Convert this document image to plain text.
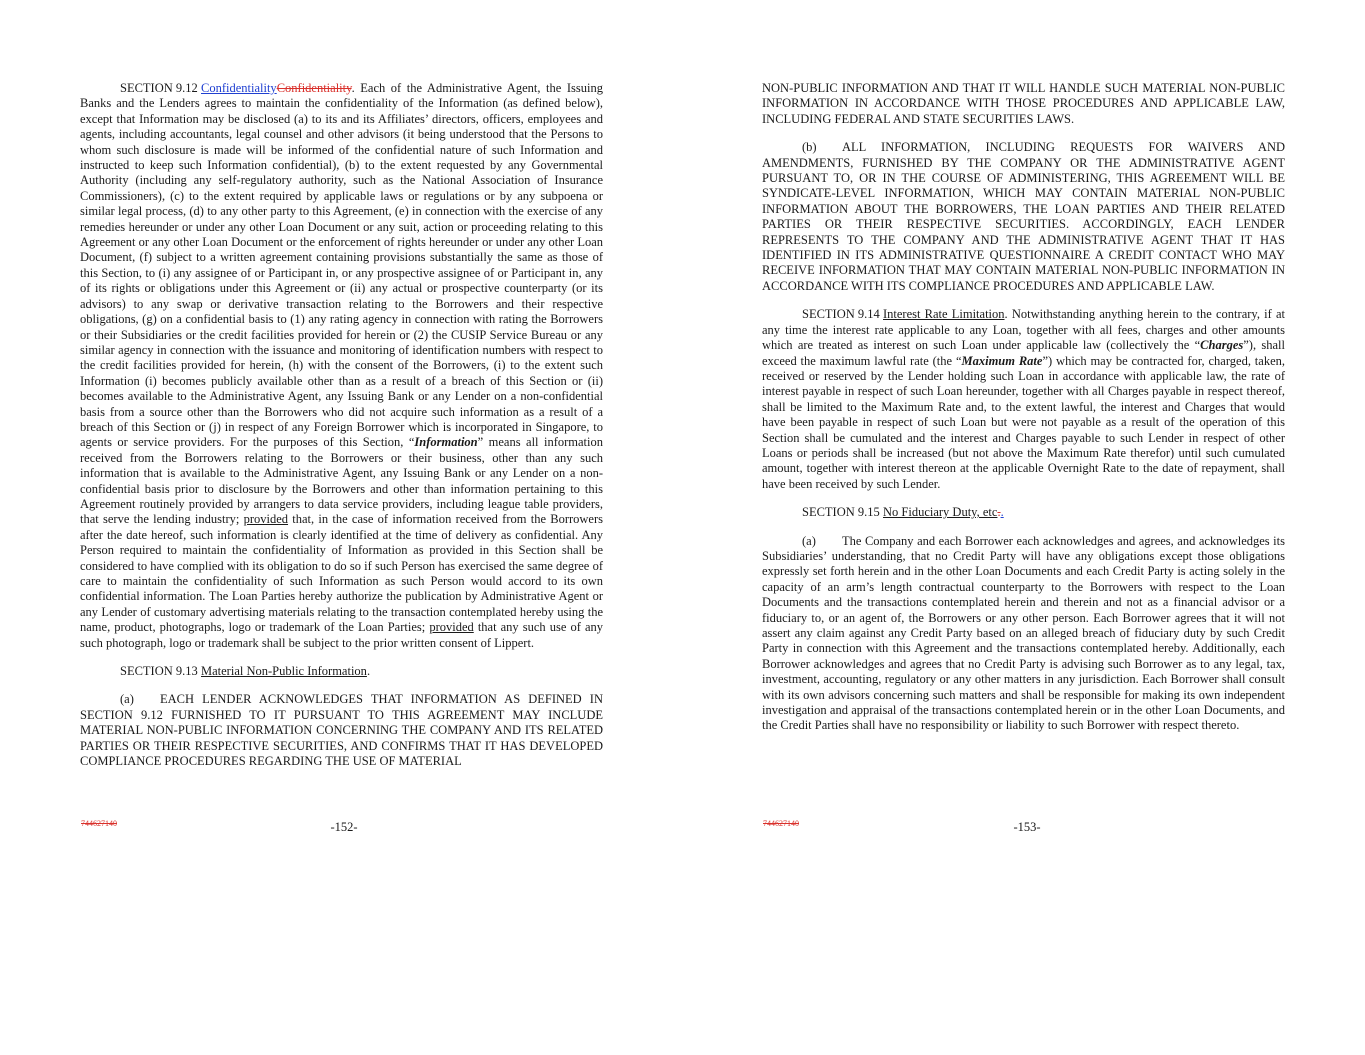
SECTION 9.12 ConfidentialityConfidentiality. Each of the Administrative Agent, the Issuing Banks and the Lenders agrees to maintain the confidentiality of the Information (as defined below), except that Information may be disclosed (a) to its and its Affiliates’ directors, officers, employees and agents, including accountants, legal counsel and other advisors (it being understood that the Persons to whom such disclosure is made will be informed of the confidential nature of such Information and instructed to keep such Information confidential), (b) to the extent requested by any Governmental Authority (including any self-regulatory authority, such as the National Association of Insurance Commissioners), (c) to the extent required by applicable laws or regulations or by any subpoena or similar legal process, (d) to any other party to this Agreement, (e) in connection with the exercise of any remedies hereunder or under any other Loan Document or any suit, action or proceeding relating to this Agreement or any other Loan Document or the enforcement of rights hereunder or under any other Loan Document, (f) subject to a written agreement containing provisions substantially the same as those of this Section, to (i) any assignee of or Participant in, or any prospective assignee of or Participant in, any of its rights or obligations under this Agreement or (ii) any actual or prospective counterparty (or its advisors) to any swap or derivative transaction relating to the Borrowers and their respective obligations, (g) on a confidential basis to (1) any rating agency in connection with rating the Borrowers or their Subsidiaries or the credit facilities provided for herein or (2) the CUSIP Service Bureau or any similar agency in connection with the issuance and monitoring of identification numbers with respect to the credit facilities provided for herein, (h) with the consent of the Borrowers, (i) to the extent such Information (i) becomes publicly available other than as a result of a breach of this Section or (ii) becomes available to the Administrative Agent, any Issuing Bank or any Lender on a non-confidential basis from a source other than the Borrowers who did not acquire such information as a result of a breach of this Section or (j) in respect of any Foreign Borrower which is incorporated in Singapore, to agents or service providers. For the purposes of this Section, “Information” means all information received from the Borrowers relating to the Borrowers or their business, other than any such information that is available to the Administrative Agent, any Issuing Bank or any Lender on a non-confidential basis prior to disclosure by the Borrowers and other than information pertaining to this Agreement routinely provided by arrangers to data service providers, including league table providers, that serve the lending industry; provided that, in the case of information received from the Borrowers after the date hereof, such information is clearly identified at the time of delivery as confidential. Any Person required to maintain the confidentiality of Information as provided in this Section shall be considered to have complied with its obligation to do so if such Person has exercised the same degree of care to maintain the confidentiality of such Information as such Person would accord to its own confidential information. The Loan Parties hereby authorize the publication by Administrative Agent or any Lender of customary advertising materials relating to the transaction contemplated hereby using the name, product, photographs, logo or trademark of the Loan Parties; provided that any such use of any such photograph, logo or trademark shall be subject to the prior written consent of Lippert.

SECTION 9.13 Material Non-Public Information.

(a) EACH LENDER ACKNOWLEDGES THAT INFORMATION AS DEFINED IN SECTION 9.12 FURNISHED TO IT PURSUANT TO THIS AGREEMENT MAY INCLUDE MATERIAL NON-PUBLIC INFORMATION CONCERNING THE COMPANY AND ITS RELATED PARTIES OR THEIR RESPECTIVE SECURITIES, AND CONFIRMS THAT IT HAS DEVELOPED COMPLIANCE PROCEDURES REGARDING THE USE OF MATERIAL

744627140	-152-

NON-PUBLIC INFORMATION AND THAT IT WILL HANDLE SUCH MATERIAL NON-PUBLIC INFORMATION IN ACCORDANCE WITH THOSE PROCEDURES AND APPLICABLE LAW, INCLUDING FEDERAL AND STATE SECURITIES LAWS.

(b) ALL INFORMATION, INCLUDING REQUESTS FOR WAIVERS AND AMENDMENTS, FURNISHED BY THE COMPANY OR THE ADMINISTRATIVE AGENT PURSUANT TO, OR IN THE COURSE OF ADMINISTERING, THIS AGREEMENT WILL BE SYNDICATE-LEVEL INFORMATION, WHICH MAY CONTAIN MATERIAL NON-PUBLIC INFORMATION ABOUT THE BORROWERS, THE LOAN PARTIES AND THEIR RELATED PARTIES OR THEIR RESPECTIVE SECURITIES. ACCORDINGLY, EACH LENDER REPRESENTS TO THE COMPANY AND THE ADMINISTRATIVE AGENT THAT IT HAS IDENTIFIED IN ITS ADMINISTRATIVE QUESTIONNAIRE A CREDIT CONTACT WHO MAY RECEIVE INFORMATION THAT MAY CONTAIN MATERIAL NON-PUBLIC INFORMATION IN ACCORDANCE WITH ITS COMPLIANCE PROCEDURES AND APPLICABLE LAW.

SECTION 9.14 Interest Rate Limitation. Notwithstanding anything herein to the contrary, if at any time the interest rate applicable to any Loan, together with all fees, charges and other amounts which are treated as interest on such Loan under applicable law (collectively the “Charges”), shall exceed the maximum lawful rate (the “Maximum Rate”) which may be contracted for, charged, taken, received or reserved by the Lender holding such Loan in accordance with applicable law, the rate of interest payable in respect of such Loan hereunder, together with all Charges payable in respect thereof, shall be limited to the Maximum Rate and, to the extent lawful, the interest and Charges that would have been payable in respect of such Loan but were not payable as a result of the operation of this Section shall be cumulated and the interest and Charges payable to such Lender in respect of other Loans or periods shall be increased (but not above the Maximum Rate therefor) until such cumulated amount, together with interest thereon at the applicable Overnight Rate to the date of repayment, shall have been received by such Lender.

SECTION 9.15 No Fiduciary Duty, etc..

(a) The Company and each Borrower each acknowledges and agrees, and acknowledges its Subsidiaries’ understanding, that no Credit Party will have any obligations except those obligations expressly set forth herein and in the other Loan Documents and each Credit Party is acting solely in the capacity of an arm’s length contractual counterparty to the Borrowers with respect to the Loan Documents and the transactions contemplated herein and therein and not as a financial advisor or a fiduciary to, or an agent of, the Borrowers or any other person. Each Borrower agrees that it will not assert any claim against any Credit Party based on an alleged breach of fiduciary duty by such Credit Party in connection with this Agreement and the transactions contemplated hereby. Additionally, each Borrower acknowledges and agrees that no Credit Party is advising such Borrower as to any legal, tax, investment, accounting, regulatory or any other matters in any jurisdiction. Each Borrower shall consult with its own advisors concerning such matters and shall be responsible for making its own independent investigation and appraisal of the transactions contemplated herein or in the other Loan Documents, and the Credit Parties shall have no responsibility or liability to such Borrower with respect thereto.

744627140	-153-
